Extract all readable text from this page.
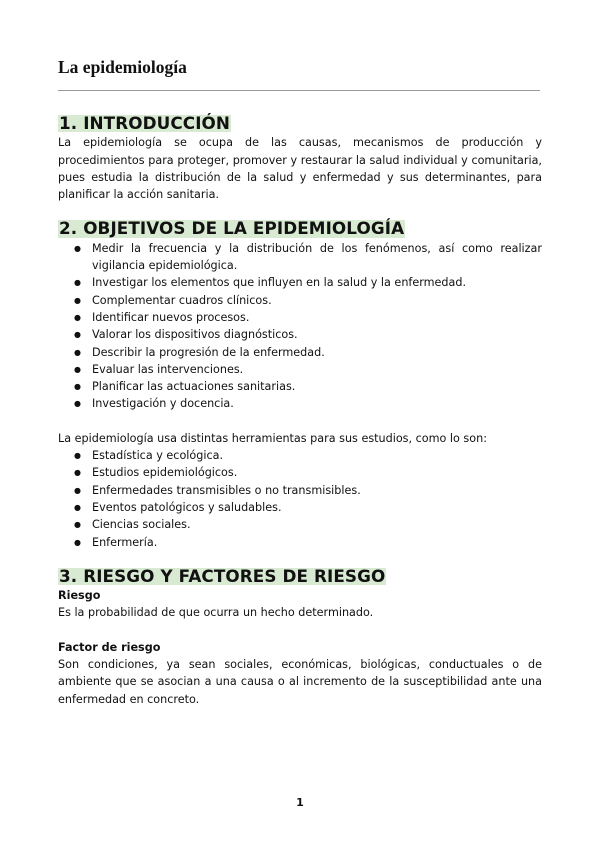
La epidemiología
1. INTRODUCCIÓN

La epidemiología se ocupa de las causas, mecanismos de producción y procedimientos para proteger, promover y restaurar la salud individual y comunitaria, pues estudia la distribución de la salud y enfermedad y sus determinantes, para planificar la acción sanitaria.

2. OBJETIVOS DE LA EPIDEMIOLOGÍA
● Medir la frecuencia y la distribución de los fenómenos, así como realizar vigilancia epidemiológica.
● Investigar los elementos que influyen en la salud y la enfermedad.
● Complementar cuadros clínicos.
● Identificar nuevos procesos.
● Valorar los dispositivos diagnósticos.
● Describir la progresión de la enfermedad.
● Evaluar las intervenciones.
● Planificar las actuaciones sanitarias.
● Investigación y docencia.

La epidemiología usa distintas herramientas para sus estudios, como lo son:

● Estadística y ecológica.
● Estudios epidemiológicos.
● Enfermedades transmisibles o no transmisibles.
● Eventos patológicos y saludables.
● Ciencias sociales.
● Enfermería.
3. RIESGO Y FACTORES DE RIESGO

Riesgo

Es la probabilidad de que ocurra un hecho determinado.

Factor de riesgo

Son condiciones, ya sean sociales, económicas, biológicas, conductuales o de ambiente que se asocian a una causa o al incremento de la susceptibilidad ante una enfermedad en concreto.

1
